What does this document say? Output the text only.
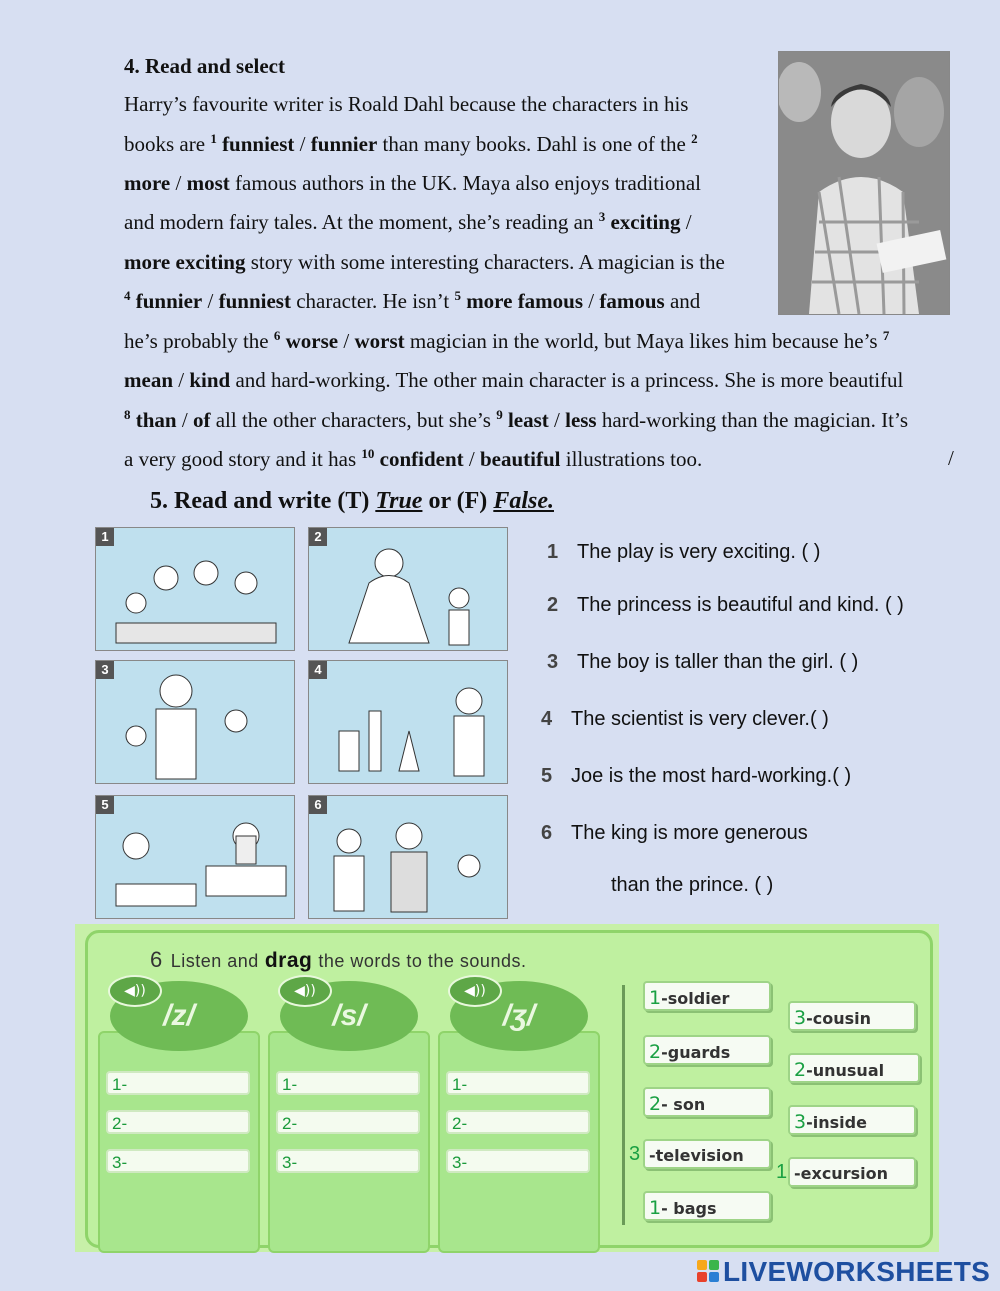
4. Read and select
Harry’s favourite writer is Roald Dahl because the characters in his
books are $^1$ funniest / funnier than many books. Dahl is one of the $^2$
more / most famous authors in the UK. Maya also enjoys traditional
and modern fairy tales. At the moment, she’s reading an $^3$ exciting /
more exciting story with some interesting characters. A magician is the
$^4$ funnier / funniest character. He isn’t $^5$ more famous / famous and
he’s probably the $^6$ worse / worst magician in the world, but Maya likes him because he’s $^7$
mean / kind and hard-working. The other main character is a princess. She is more beautiful
$^8$ than / of all the other characters, but she’s $^9$ least / less hard-working than the magician. It’s
a very good story and it has $^{10}$ confident / beautiful illustrations too.	/
5. Read and write (T) True or (F) False.
1	2
3	4
5	6
1 The play is very exciting. ( )
2 The princess is beautiful and kind. ( )
3 The boy is taller than the girl. ( )
4 The scientist is very clever.( )
5 Joe is the most hard-working.( )
6 The king is more generous
than the prince. ( )
6 Listen and drag the words to the sounds.
1-
2-
3-
/z/
◀))
1-
2-
3-
/s/
◀))
1-
2-
3-
/ʒ/
◀))	1-soldier
3-cousin
2-guards
2-unusual
2- son
3-inside
3 -television
1 -excursion
1- bags
LIVEWORKSHEETS
